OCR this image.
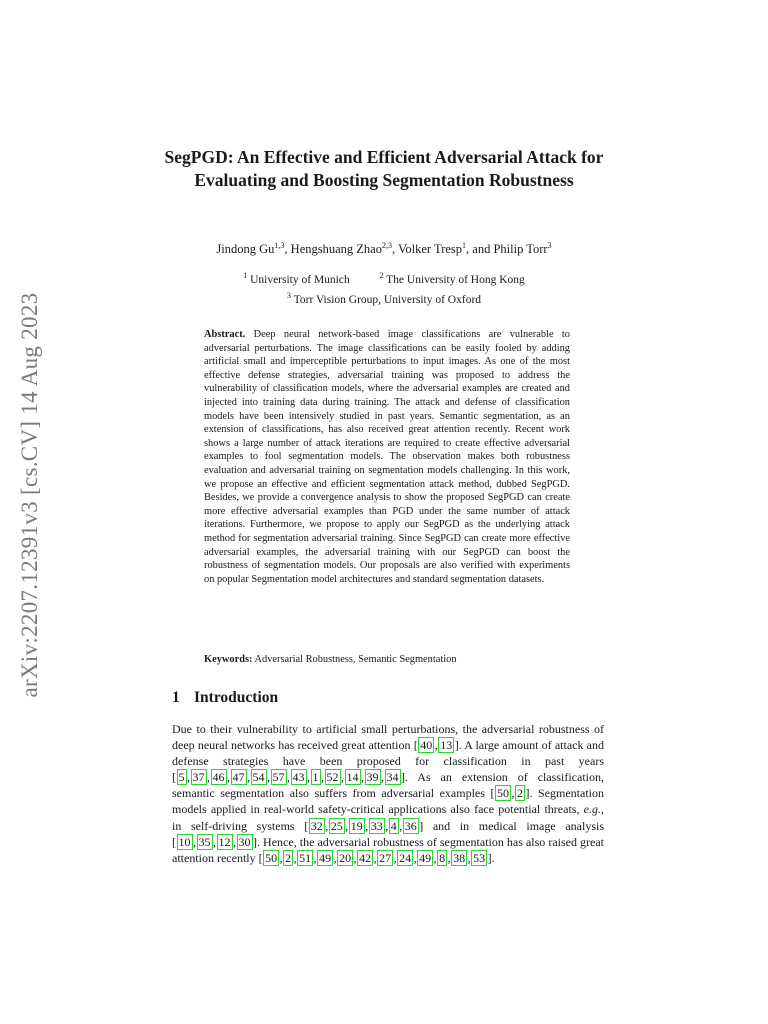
arXiv:2207.12391v3 [cs.CV] 14 Aug 2023
SegPGD: An Effective and Efficient Adversarial Attack for Evaluating and Boosting Segmentation Robustness
Jindong Gu$^{1,3}$, Hengshuang Zhao$^{2,3}$, Volker Tresp$^1$, and Philip Torr$^3$
$^1$ University of Munich	$^2$ The University of Hong Kong
$^3$ Torr Vision Group, University of Oxford

Abstract. Deep neural network-based image classifications are vulnerable to adversarial perturbations. The image classifications can be easily fooled by adding artificial small and imperceptible perturbations to input images. As one of the most effective defense strategies, adversarial training was proposed to address the vulnerability of classification models, where the adversarial examples are created and injected into training data during training. The attack and defense of classification models have been intensively studied in past years. Semantic segmentation, as an extension of classifications, has also received great attention recently. Recent work shows a large number of attack iterations are required to create effective adversarial examples to fool segmentation models. The observation makes both robustness evaluation and adversarial training on segmentation models challenging. In this work, we propose an effective and efficient segmentation attack method, dubbed SegPGD. Besides, we provide a convergence analysis to show the proposed SegPGD can create more effective adversarial examples than PGD under the same number of attack iterations. Furthermore, we propose to apply our SegPGD as the underlying attack method for segmentation adversarial training. Since SegPGD can create more effective adversarial examples, the adversarial training with our SegPGD can boost the robustness of segmentation models. Our proposals are also verified with experiments on popular Segmentation model architectures and standard segmentation datasets.

Keywords: Adversarial Robustness, Semantic Segmentation
1 Introduction

Due to their vulnerability to artificial small perturbations, the adversarial robustness of deep neural networks has received great attention [ 40 , 13 ]. A large amount of attack and defense strategies have been proposed for classification in past years [ 5 , 37 , 46 , 47 , 54 , 57 , 43 , 1 , 52 , 14 , 39 , 34 ]. As an extension of classification, semantic segmentation also suffers from adversarial examples [ 50 , 2 ]. Segmentation models applied in real-world safety-critical applications also face potential threats, e.g., in self-driving systems [ 32 , 25 , 19 , 33 , 4 , 36 ] and in medical image analysis [ 10 , 35 , 12 , 30 ]. Hence, the adversarial robustness of segmentation has also raised great attention recently [ 50 , 2 , 51 , 49 , 20 , 42 , 27 , 24 , 49 , 8 , 38 , 53 ].
